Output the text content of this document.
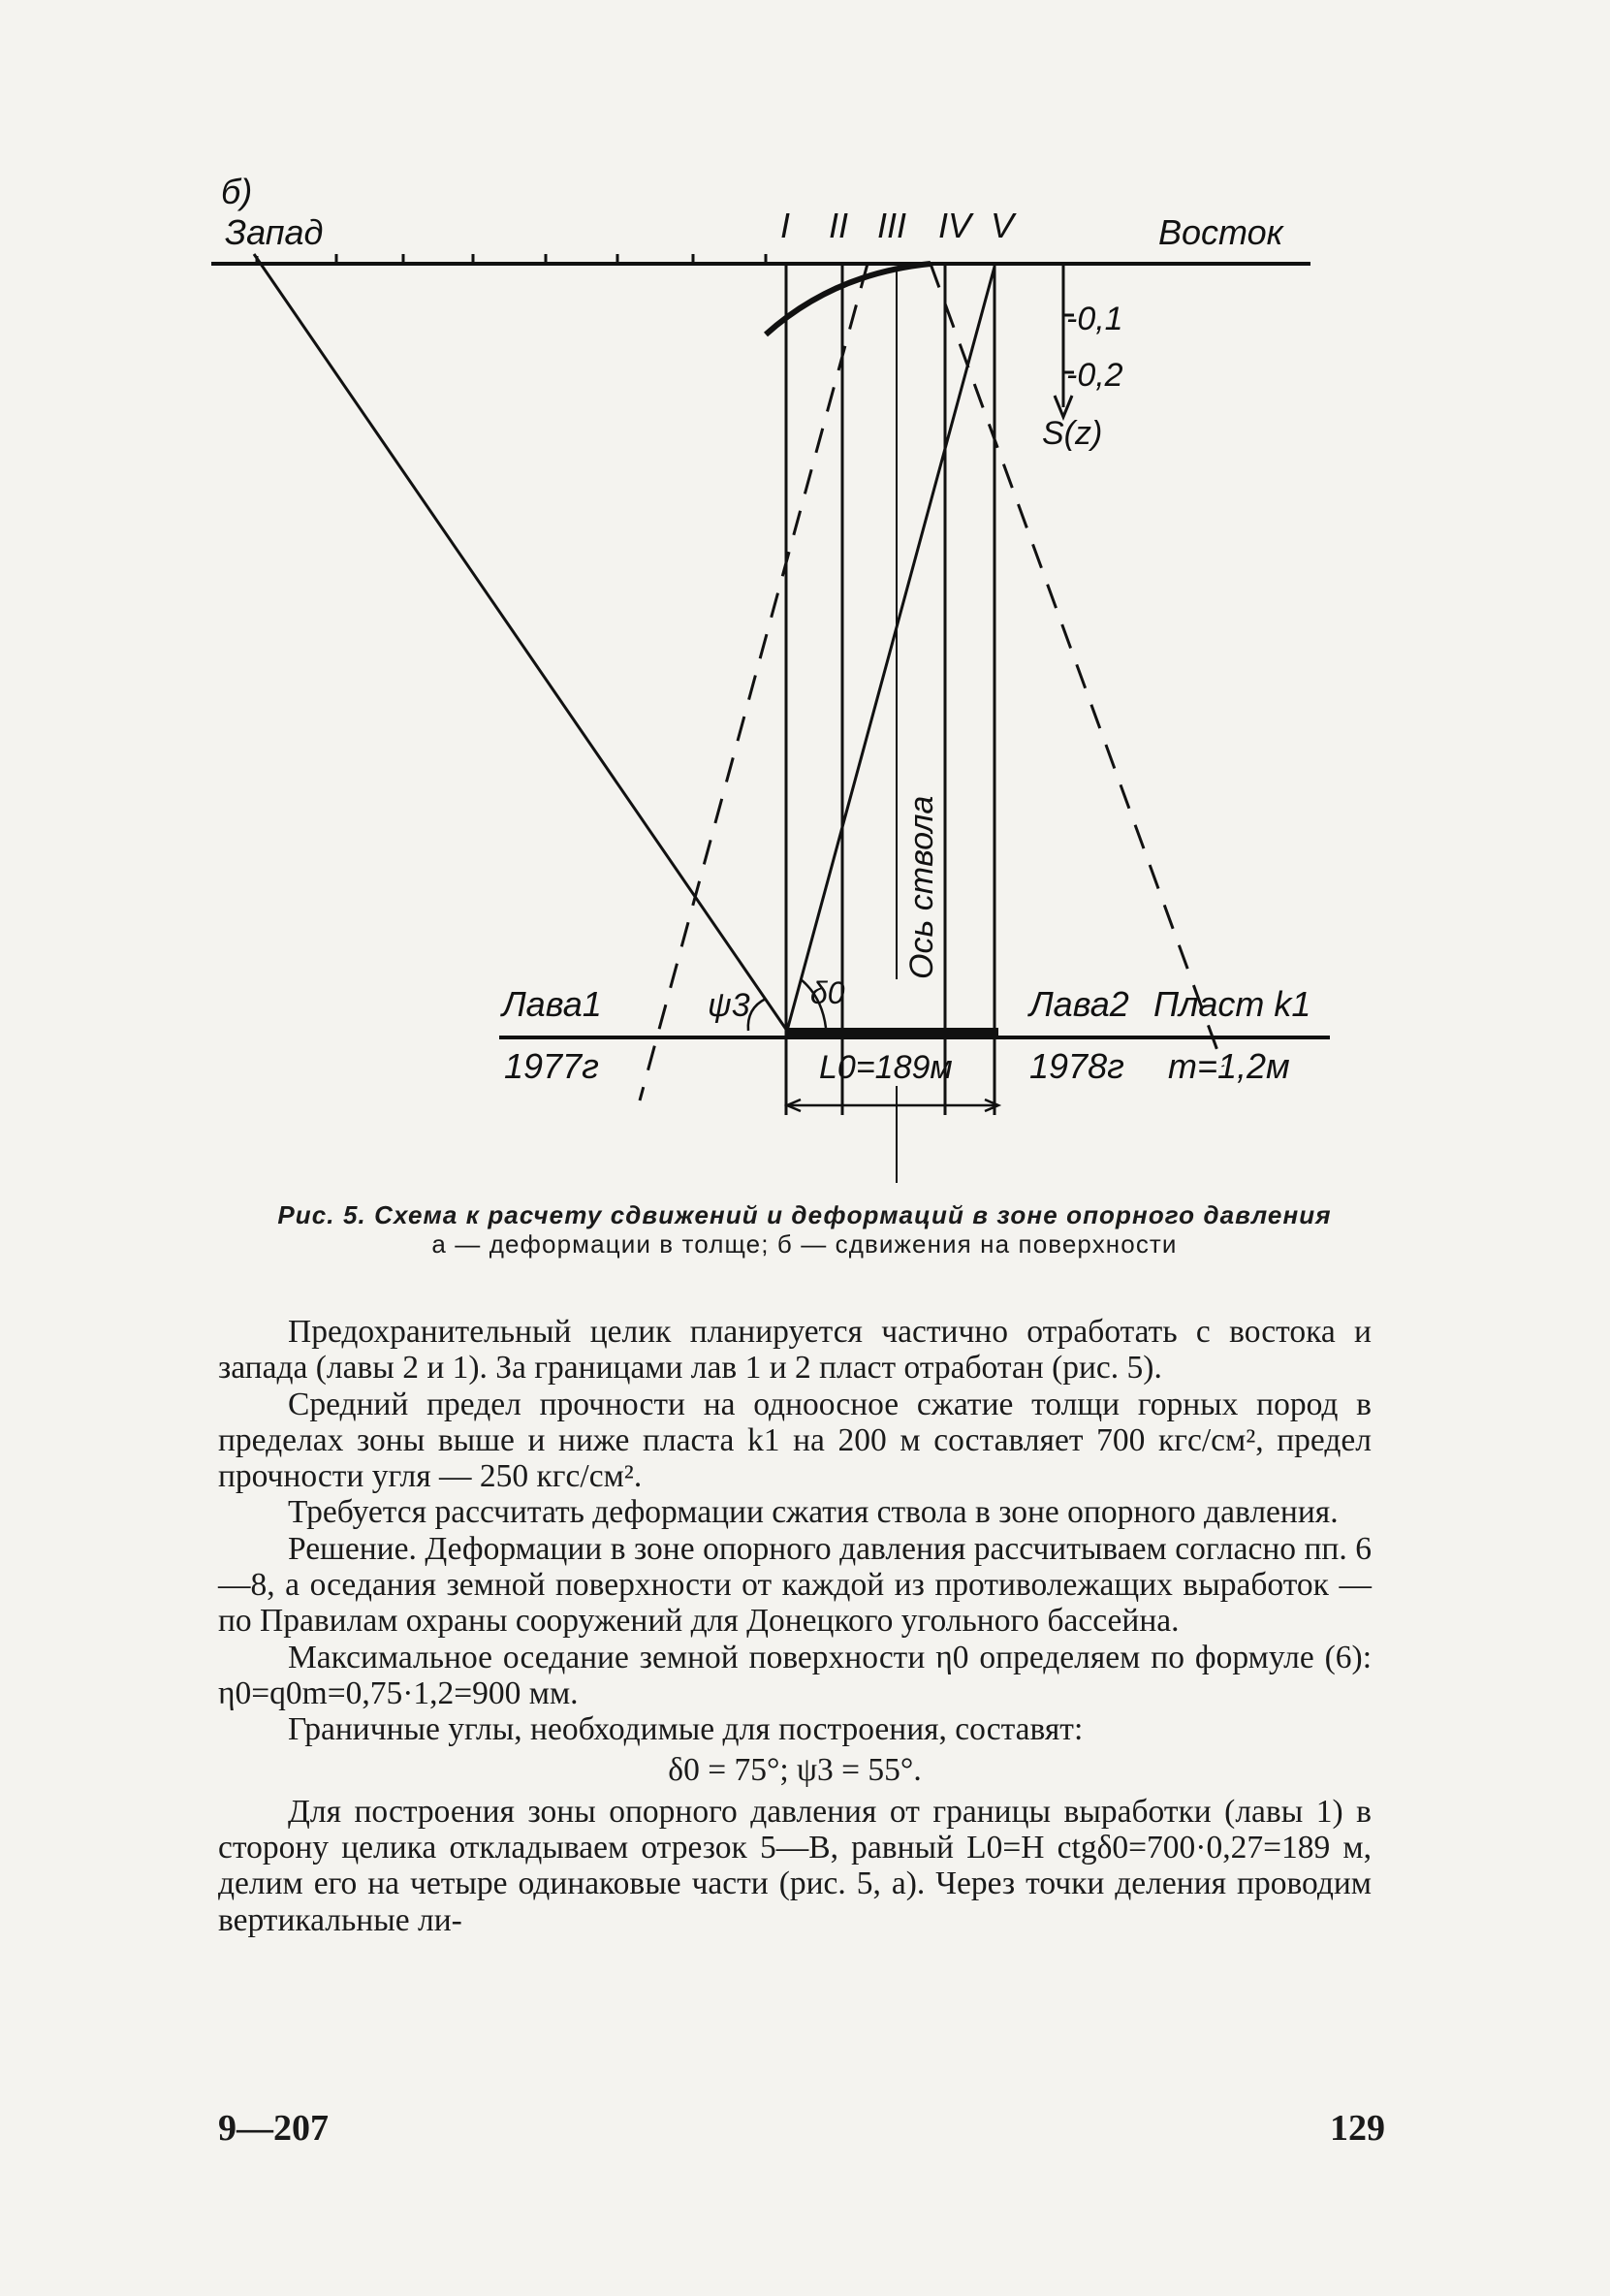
б)
Запад	Восток
I II III IV V
-0,1
-0,2
S(z)
Ось ствола
δ0
ψ3
Лава1
1977г
Лава2
1978г
Пласт k1
m=1,2м
L0=189м
Рис. 5. Схема к расчету сдвижений и деформаций в зоне опорного давления
а — деформации в толще; б — сдвижения на поверхности

Предохранительный целик планируется частично отработать с востока и запада (лавы 2 и 1). За границами лав 1 и 2 пласт отработан (рис. 5).

Средний предел прочности на одноосное сжатие толщи горных пород в пределах зоны выше и ниже пласта k1 на 200 м составляет 700 кгс/см², предел прочности угля — 250 кгс/см².

Требуется рассчитать деформации сжатия ствола в зоне опорного давления.

Решение. Деформации в зоне опорного давления рассчитываем согласно пп. 6—8, а оседания земной поверхности от каждой из противолежащих выработок — по Правилам охраны сооружений для Донецкого угольного бассейна.

Максимальное оседание земной поверхности η0 определяем по формуле (6): η0=q0m=0,75·1,2=900 мм.

Граничные углы, необходимые для построения, составят:

δ0 = 75°; ψ3 = 55°.

Для построения зоны опорного давления от границы выработки (лавы 1) в сторону целика откладываем отрезок 5—В, равный L0=H ctgδ0=700·0,27=189 м, делим его на четыре одинаковые части (рис. 5, а). Через точки деления проводим вертикальные ли-

9—207	129
